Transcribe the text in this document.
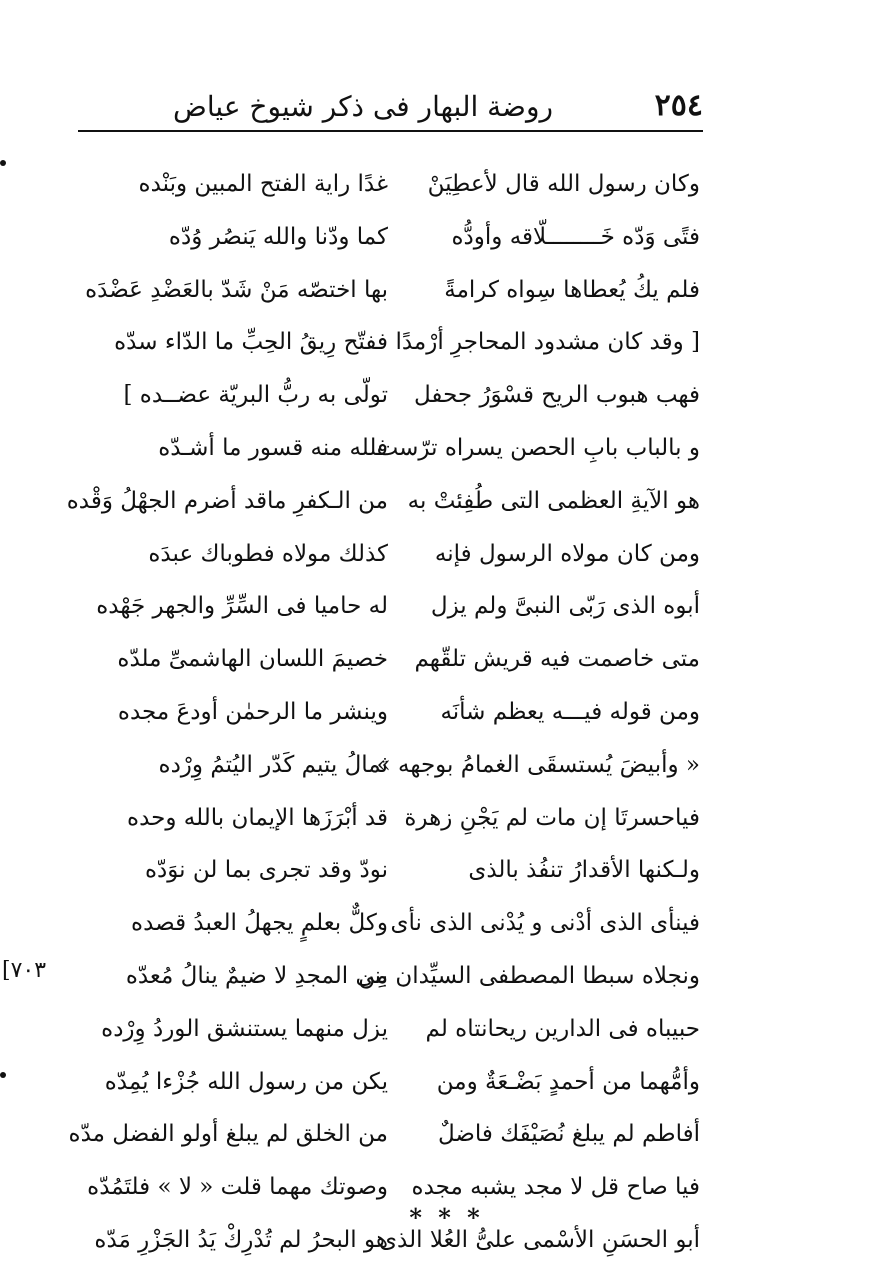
٢٥٤
روضة البهار فى ذكر شيوخ عياض
وكان رسول الله قال لأعطِيَنْ
فتًى وَدّه خَــــــــلّاقه وأودُّه
فلم يكُ يُعطاها سِواه كرامةً
[ وقد كان مشدود المحاجرِ أرْمدًا
فهب هبوب الريح قسْوَرُ جحفل
و بالباب بابِ الحصن يسراه ترّست
هو الآيةِ العظمى التى طُفِئتْ به
ومن كان مولاه الرسول فإنه
أبوه الذى رَبّى النبىَّ ولم يزل
متى خاصمت فيه قريش تلقّهم
ومن قوله فيـــه يعظم شأنَه
« وأبيضَ يُستسقَى الغمامُ بوجهه »
فياحسرتَا إن مات لم يَجْنِ زهرة
ولـكنها الأقدارُ تنفُذ بالذى
فينأى الذى أدْنى و يُدْنى الذى نأى
ونجلاه سبطا المصطفى السيِّدان مِن
حبيباه فى الدارين ريحانتاه لم
وأمُّهما من أحمدٍ بَضْـعَةٌ ومن
أفاطم لم يبلغ نُصَيْفَك فاضلٌ
فيا صاح قل لا مجد يشبه مجده
أبو الحسَنِ الأسْمى علىُّ العُلا الذى
غدًا راية الفتح المبين وبَنْده
كما ودّنا والله يَنصُر وُدّه
بها اختصّه مَنْ شَدّ بالعَضْدِ عَضْدَه
ففتّح رِيقُ الحِبِّ ما الدّاء سدّه
تولّى به ربُّ البريّة عضــده ]
فلله منه قسور ما أشـدّه
من الـكفرِ ماقد أضرم الجهْلُ وَقْده
كذلك مولاه فطوباك عبدَه
له حاميا فى السِّرِّ والجهر جَهْده
خصيمَ اللسان الهاشمىِّ ملدّه
وينشر ما الرحمٰن أودعَ مجده
ثمالُ يتيم كَدّر اليُتمُ وِرْده
قد أبْرَزَها الإيمان بالله وحده
نودّ وقد تجرى بما لن نوَدّه
وكلٌّ بعلمٍ يجهلُ العبدُ قصده
بنى المجدِ لا ضيمٌ ينالُ مُعدّه
يزل منهما يستنشق الوردُ وِرْده
يكن من رسول الله جُزْءا يُمِدّه
من الخلق لم يبلغ أولو الفضل مدّه
وصوتك مهما قلت « لا » فلتَمُدّه
هو البحرُ لم تُدْرِكْ يَدُ الجَزْرِ مَدّه
[٧٠٣
* * *
